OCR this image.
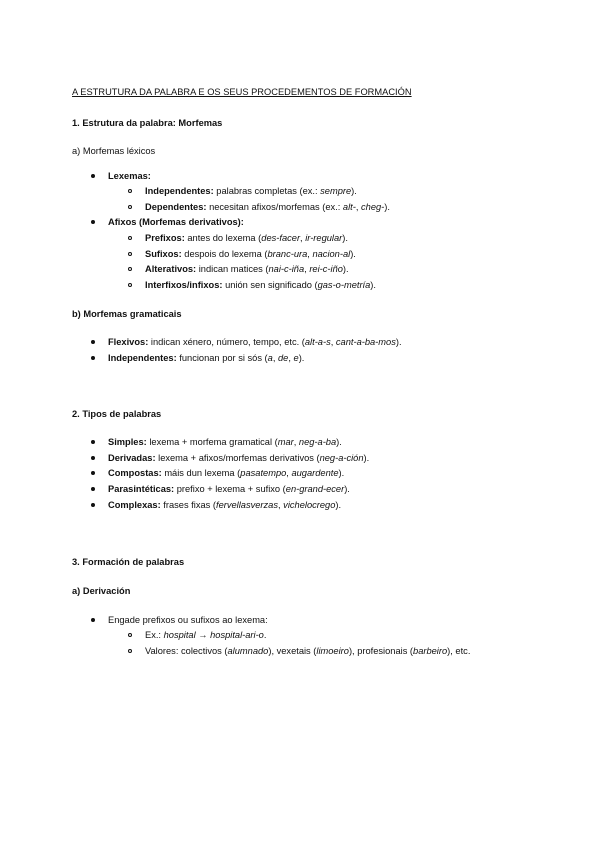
A ESTRUTURA DA PALABRA E OS SEUS PROCEDEMENTOS DE FORMACIÓN
1. Estrutura da palabra: Morfemas
a) Morfemas léxicos
Lexemas:
Independentes: palabras completas (ex.: sempre).
Dependentes: necesitan afixos/morfemas (ex.: alt-, cheg-).
Afixos (Morfemas derivativos):
Prefixos: antes do lexema (des-facer, ir-regular).
Sufixos: despois do lexema (branc-ura, nacion-al).
Alterativos: indican matices (nai-c-iña, rei-c-iño).
Interfixos/infixos: unión sen significado (gas-o-metría).
b) Morfemas gramaticais
Flexivos: indican xénero, número, tempo, etc. (alt-a-s, cant-a-ba-mos).
Independentes: funcionan por si sós (a, de, e).
2. Tipos de palabras
Simples: lexema + morfema gramatical (mar, neg-a-ba).
Derivadas: lexema + afixos/morfemas derivativos (neg-a-ción).
Compostas: máis dun lexema (pasatempo, augardente).
Parasintéticas: prefixo + lexema + sufixo (en-grand-ecer).
Complexas: frases fixas (fervellasverzas, vichelocrego).
3. Formación de palabras
a) Derivación
Engade prefixos ou sufixos ao lexema:
Ex.: hospital → hospital-ari-o.
Valores: colectivos (alumnado), vexetais (limoeiro), profesionais (barbeiro), etc.
